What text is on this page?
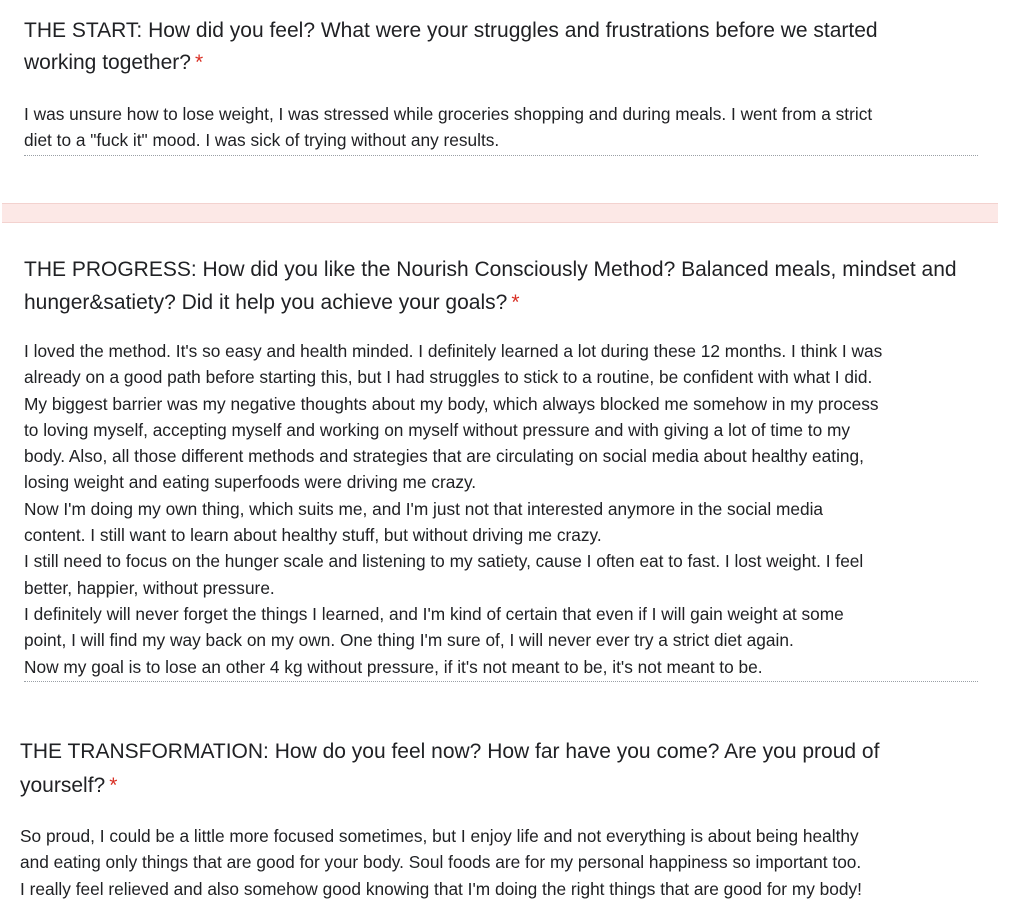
THE START: How did you feel? What were your struggles and frustrations before we started
working together? *
I was unsure how to lose weight, I was stressed while groceries shopping and during meals. I went from a strict
diet to a "fuck it" mood. I was sick of trying without any results.
THE PROGRESS: How did you like the Nourish Consciously Method? Balanced meals, mindset and
hunger&satiety? Did it help you achieve your goals? *
I loved the method. It's so easy and health minded. I definitely learned a lot during these 12 months. I think I was
already on a good path before starting this, but I had struggles to stick to a routine, be confident with what I did.
My biggest barrier was my negative thoughts about my body, which always blocked me somehow in my process
to loving myself, accepting myself and working on myself without pressure and with giving a lot of time to my
body. Also, all those different methods and strategies that are circulating on social media about healthy eating,
losing weight and eating superfoods were driving me crazy.
Now I'm doing my own thing, which suits me, and I'm just not that interested anymore in the social media
content. I still want to learn about healthy stuff, but without driving me crazy.
I still need to focus on the hunger scale and listening to my satiety, cause I often eat to fast. I lost weight. I feel
better, happier, without pressure.
I definitely will never forget the things I learned, and I'm kind of certain that even if I will gain weight at some
point, I will find my way back on my own. One thing I'm sure of, I will never ever try a strict diet again.
Now my goal is to lose an other 4 kg without pressure, if it's not meant to be, it's not meant to be.
THE TRANSFORMATION: How do you feel now? How far have you come? Are you proud of
yourself? *
So proud, I could be a little more focused sometimes, but I enjoy life and not everything is about being healthy
and eating only things that are good for your body. Soul foods are for my personal happiness so important too.
I really feel relieved and also somehow good knowing that I'm doing the right things that are good for my body!
